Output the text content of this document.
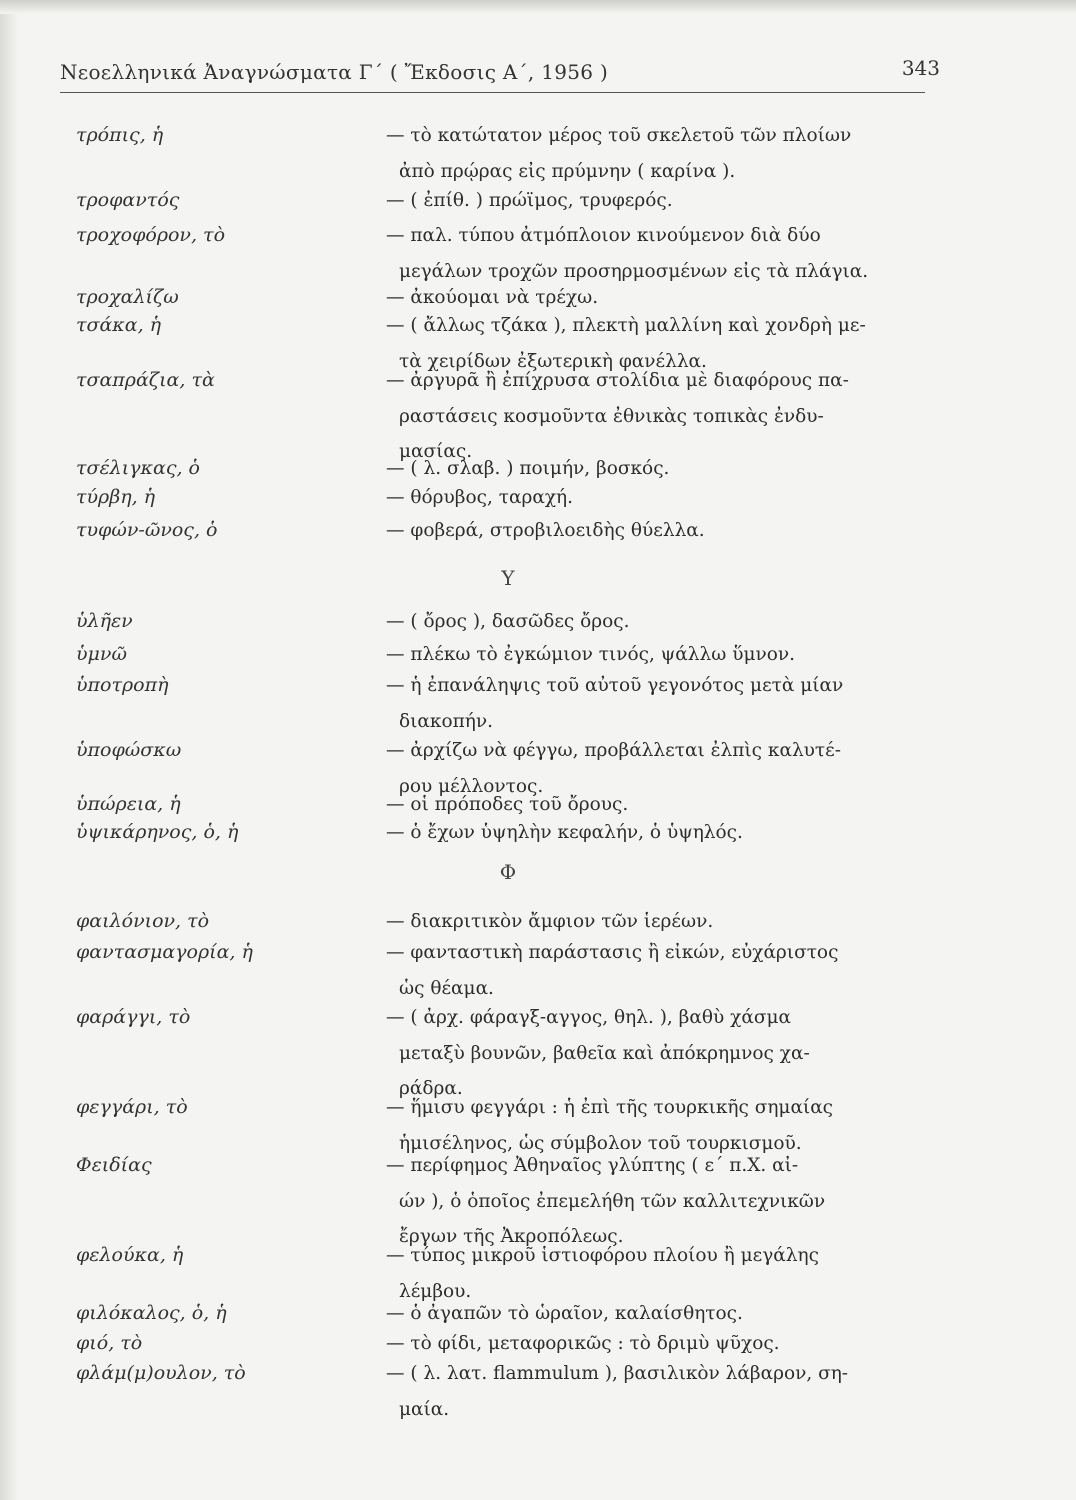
Νεοελληνικά Ἀναγνώσματα Γ΄ ( Ἔκδοσις Α΄, 1956 )	343
τρόπις, ἡ	— τὸ κατώτατον μέρος τοῦ σκελετοῦ τῶν πλοίων
ἀπὸ πρῴρας εἰς πρύμνην ( καρίνα ).
τροφαντός	— ( ἐπίθ. ) πρώϊμος, τρυφερός.
τροχοφόρον, τὸ	— παλ. τύπου ἀτμόπλοιον κινούμενον διὰ δύο
μεγάλων τροχῶν προσηρμοσμένων εἰς τὰ πλάγια.
τροχαλίζω	— ἀκούομαι νὰ τρέχω.
τσάκα, ἡ	— ( ἄλλως τζάκα ), πλεκτὴ μαλλίνη καὶ χονδρὴ με-
τὰ χειρίδων ἐξωτερικὴ φανέλλα.
τσαπράζια, τὰ	— ἀργυρᾶ ἢ ἐπίχρυσα στολίδια μὲ διαφόρους πα-
ραστάσεις κοσμοῦντα ἐθνικὰς τοπικὰς ἐνδυ-
μασίας.
τσέλιγκας, ὁ	— ( λ. σλαβ. ) ποιμήν, βοσκός.
τύρβη, ἡ	— θόρυβος, ταραχή.
τυφών-ῶνος, ὁ	— φοβερά, στροβιλοειδὴς θύελλα.
ὑλῆεν	— ( ὄρος ), δασῶδες ὄρος.
ὑμνῶ	— πλέκω τὸ ἐγκώμιον τινός, ψάλλω ὕμνον.
ὑποτροπὴ	— ἡ ἐπανάληψις τοῦ αὐτοῦ γεγονότος μετὰ μίαν
διακοπήν.
ὑποφώσκω	— ἀρχίζω νὰ φέγγω, προβάλλεται ἐλπὶς καλυτέ-
ρου μέλλοντος.
ὑπώρεια, ἡ	— οἱ πρόποδες τοῦ ὄρους.
ὑψικάρηνος, ὁ, ἡ	— ὁ ἔχων ὑψηλὴν κεφαλήν, ὁ ὑψηλός.
φαιλόνιον, τὸ	— διακριτικὸν ἄμφιον τῶν ἱερέων.
φαντασμαγορία, ἡ	— φανταστικὴ παράστασις ἢ εἰκών, εὐχάριστος
ὡς θέαμα.
φαράγγι, τὸ	— ( ἀρχ. φάραγξ-αγγος, θηλ. ), βαθὺ χάσμα
μεταξὺ βουνῶν, βαθεῖα καὶ ἀπόκρημνος χα-
ράδρα.
φεγγάρι, τὸ	— ἥμισυ φεγγάρι : ἡ ἐπὶ τῆς τουρκικῆς σημαίας
ἡμισέληνος, ὡς σύμβολον τοῦ τουρκισμοῦ.
Φειδίας	— περίφημος Ἀθηναῖος γλύπτης ( ε΄ π.Χ. αἰ-
ών ), ὁ ὁποῖος ἐπεμελήθη τῶν καλλιτεχνικῶν
ἔργων τῆς Ἀκροπόλεως.
φελούκα, ἡ	— τύπος μικροῦ ἱστιοφόρου πλοίου ἢ μεγάλης
λέμβου.
φιλόκαλος, ὁ, ἡ	— ὁ ἀγαπῶν τὸ ὡραῖον, καλαίσθητος.
φιό, τὸ	— τὸ φίδι, μεταφορικῶς : τὸ δριμὺ ψῦχος.
φλάμ(μ)ουλον, τὸ	— ( λ. λατ. flammulum ), βασιλικὸν λάβαρον, ση-
μαία.
Υ
Φ
